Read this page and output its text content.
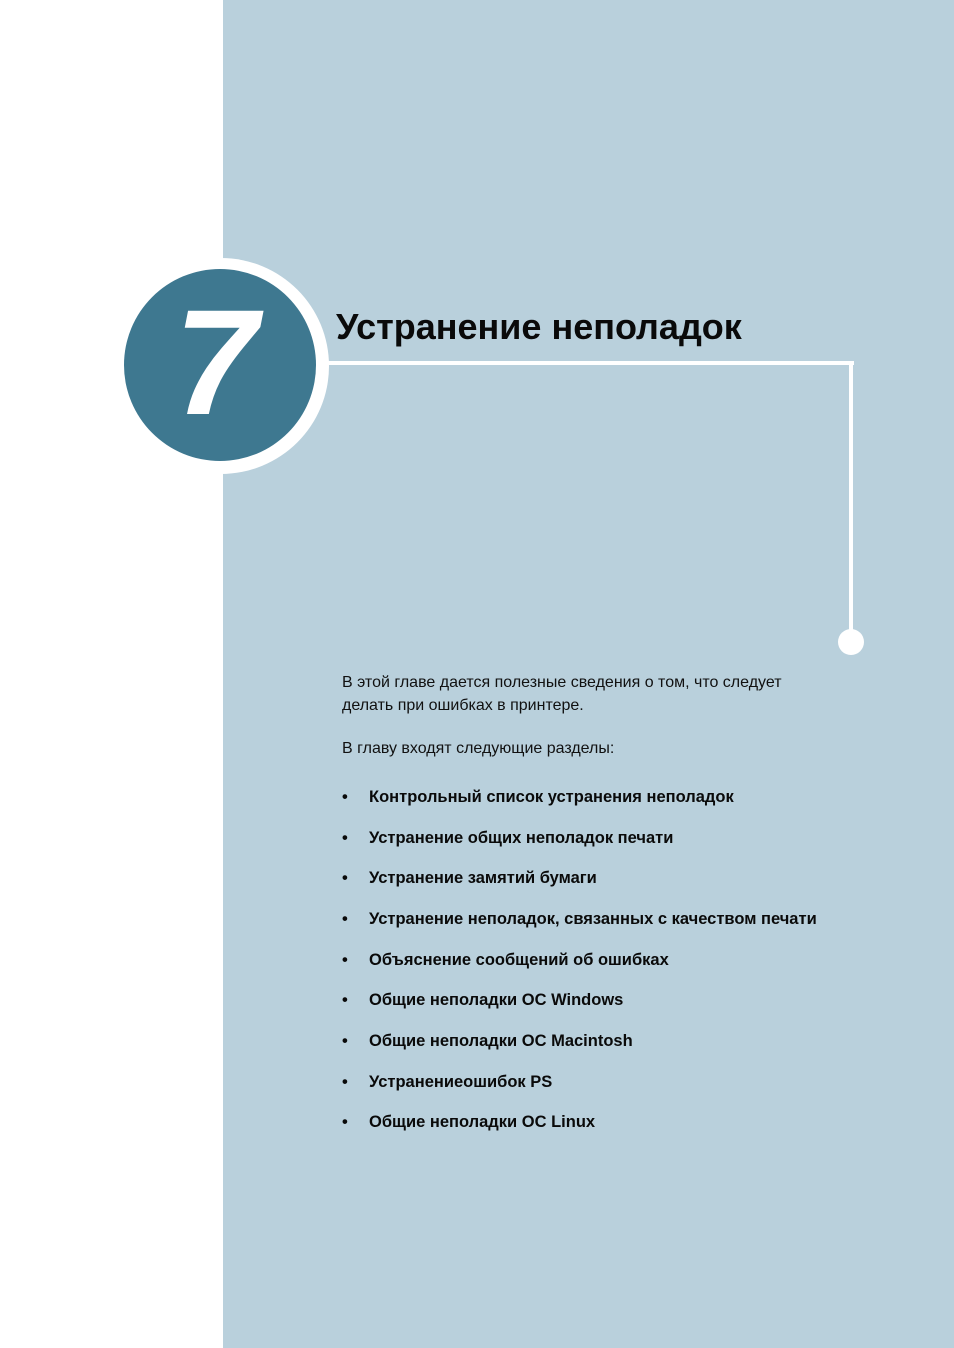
7 Устранение неполадок

В этой главе дается полезные сведения о том, что следует
делать при ошибках в принтере.

В главу входят следующие разделы:

•	Контрольный список устранения неполадок
•	Устранение общих неполадок печати
•	Устранение замятий бумаги
•	Устранение неполадок, связанных с качеством печати
•	Объяснение сообщений об ошибках
•	Общие неполадки ОС Windows
•	Общие неполадки ОС Macintosh
•	Устранениеошибок PS
•	Общие неполадки ОС Linux
